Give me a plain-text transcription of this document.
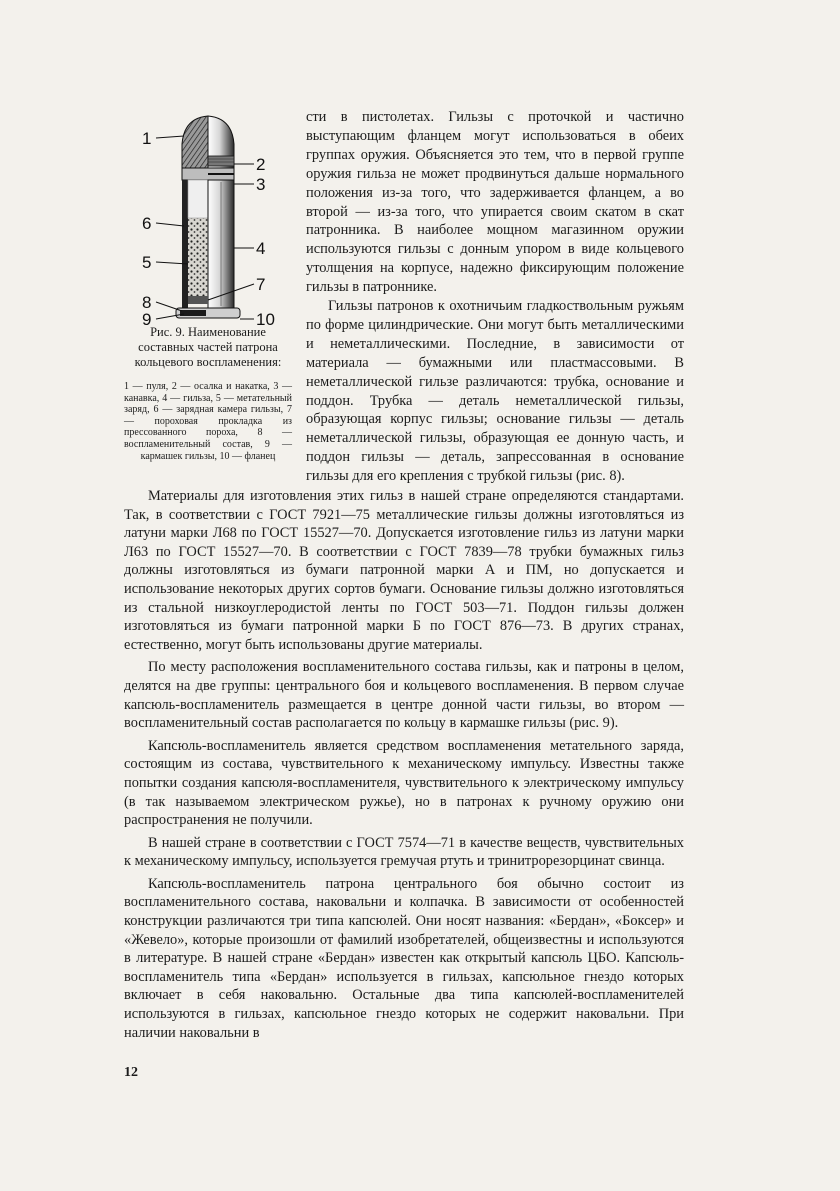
1
2
3
6
4
5
7
8
9	10
Рис. 9. Наименование составных частей патрона кольцевого воспламенения:
1 — пуля, 2 — осалка и накатка, 3 — канавка, 4 — гильза, 5 — метательный заряд, 6 — зарядная камера гильзы, 7 — пороховая прокладка из прессованного пороха, 8 — воспламенительный состав, 9 — кармашек гильзы, 10 — фланец

сти в пистолетах. Гильзы с проточкой и частично выступающим фланцем могут использоваться в обеих группах оружия. Объясняется это тем, что в первой группе оружия гильза не может продвинуться дальше нормального положения из-за того, что задерживается фланцем, а во второй — из-за того, что упирается своим скатом в скат патронника. В наиболее мощном магазинном оружии используются гильзы с донным упором в виде кольцевого утолщения на корпусе, надежно фиксирующим положение гильзы в патроннике.

Гильзы патронов к охотничьим гладкоствольным ружьям по форме цилиндрические. Они могут быть металлическими и неметаллическими. Последние, в зависимости от материала — бумажными или пластмассовыми. В неметаллической гильзе различаются: трубка, основание и поддон. Трубка — деталь неметаллической гильзы, образующая корпус гильзы; основание гильзы — деталь неметаллической гильзы, образующая ее донную часть, и поддон гильзы — деталь, запрессованная в основание гильзы для его крепления с трубкой гильзы (рис. 8).

Материалы для изготовления этих гильз в нашей стране определяются стандартами. Так, в соответствии с ГОСТ 7921—75 металлические гильзы должны изготовляться из латуни марки Л68 по ГОСТ 15527—70. Допускается изготовление гильз из латуни марки Л63 по ГОСТ 15527—70. В соответствии с ГОСТ 7839—78 трубки бумажных гильз должны изготовляться из бумаги патронной марки А и ПМ, но допускается и использование некоторых других сортов бумаги. Основание гильзы должно изготовляться из стальной низкоуглеродистой ленты по ГОСТ 503—71. Поддон гильзы должен изготовляться из бумаги патронной марки Б по ГОСТ 876—73. В других странах, естественно, могут быть использованы другие материалы.

По месту расположения воспламенительного состава гильзы, как и патроны в целом, делятся на две группы: центрального боя и кольцевого воспламенения. В первом случае капсюль-воспламенитель размещается в центре донной части гильзы, во втором — воспламенительный состав располагается по кольцу в кармашке гильзы (рис. 9).

Капсюль-воспламенитель является средством воспламенения метательного заряда, состоящим из состава, чувствительного к механическому импульсу. Известны также попытки создания капсюля-воспламенителя, чувствительного к электрическому импульсу (в так называемом электрическом ружье), но в патронах к ручному оружию они распространения не получили.

В нашей стране в соответствии с ГОСТ 7574—71 в качестве веществ, чувствительных к механическому импульсу, используется гремучая ртуть и тринитрорезорцинат свинца.

Капсюль-воспламенитель патрона центрального боя обычно состоит из воспламенительного состава, наковальни и колпачка. В зависимости от особенностей конструкции различаются три типа капсюлей. Они носят названия: «Бердан», «Боксер» и «Жевело», которые произошли от фамилий изобретателей, общеизвестны и используются в литературе. В нашей стране «Бердан» известен как открытый капсюль ЦБО. Капсюль-воспламенитель типа «Бердан» используется в гильзах, капсюльное гнездо которых включает в себя наковальню. Остальные два типа капсюлей-воспламенителей используются в гильзах, капсюльное гнездо которых не содержит наковальни. При наличии наковальни в

12
